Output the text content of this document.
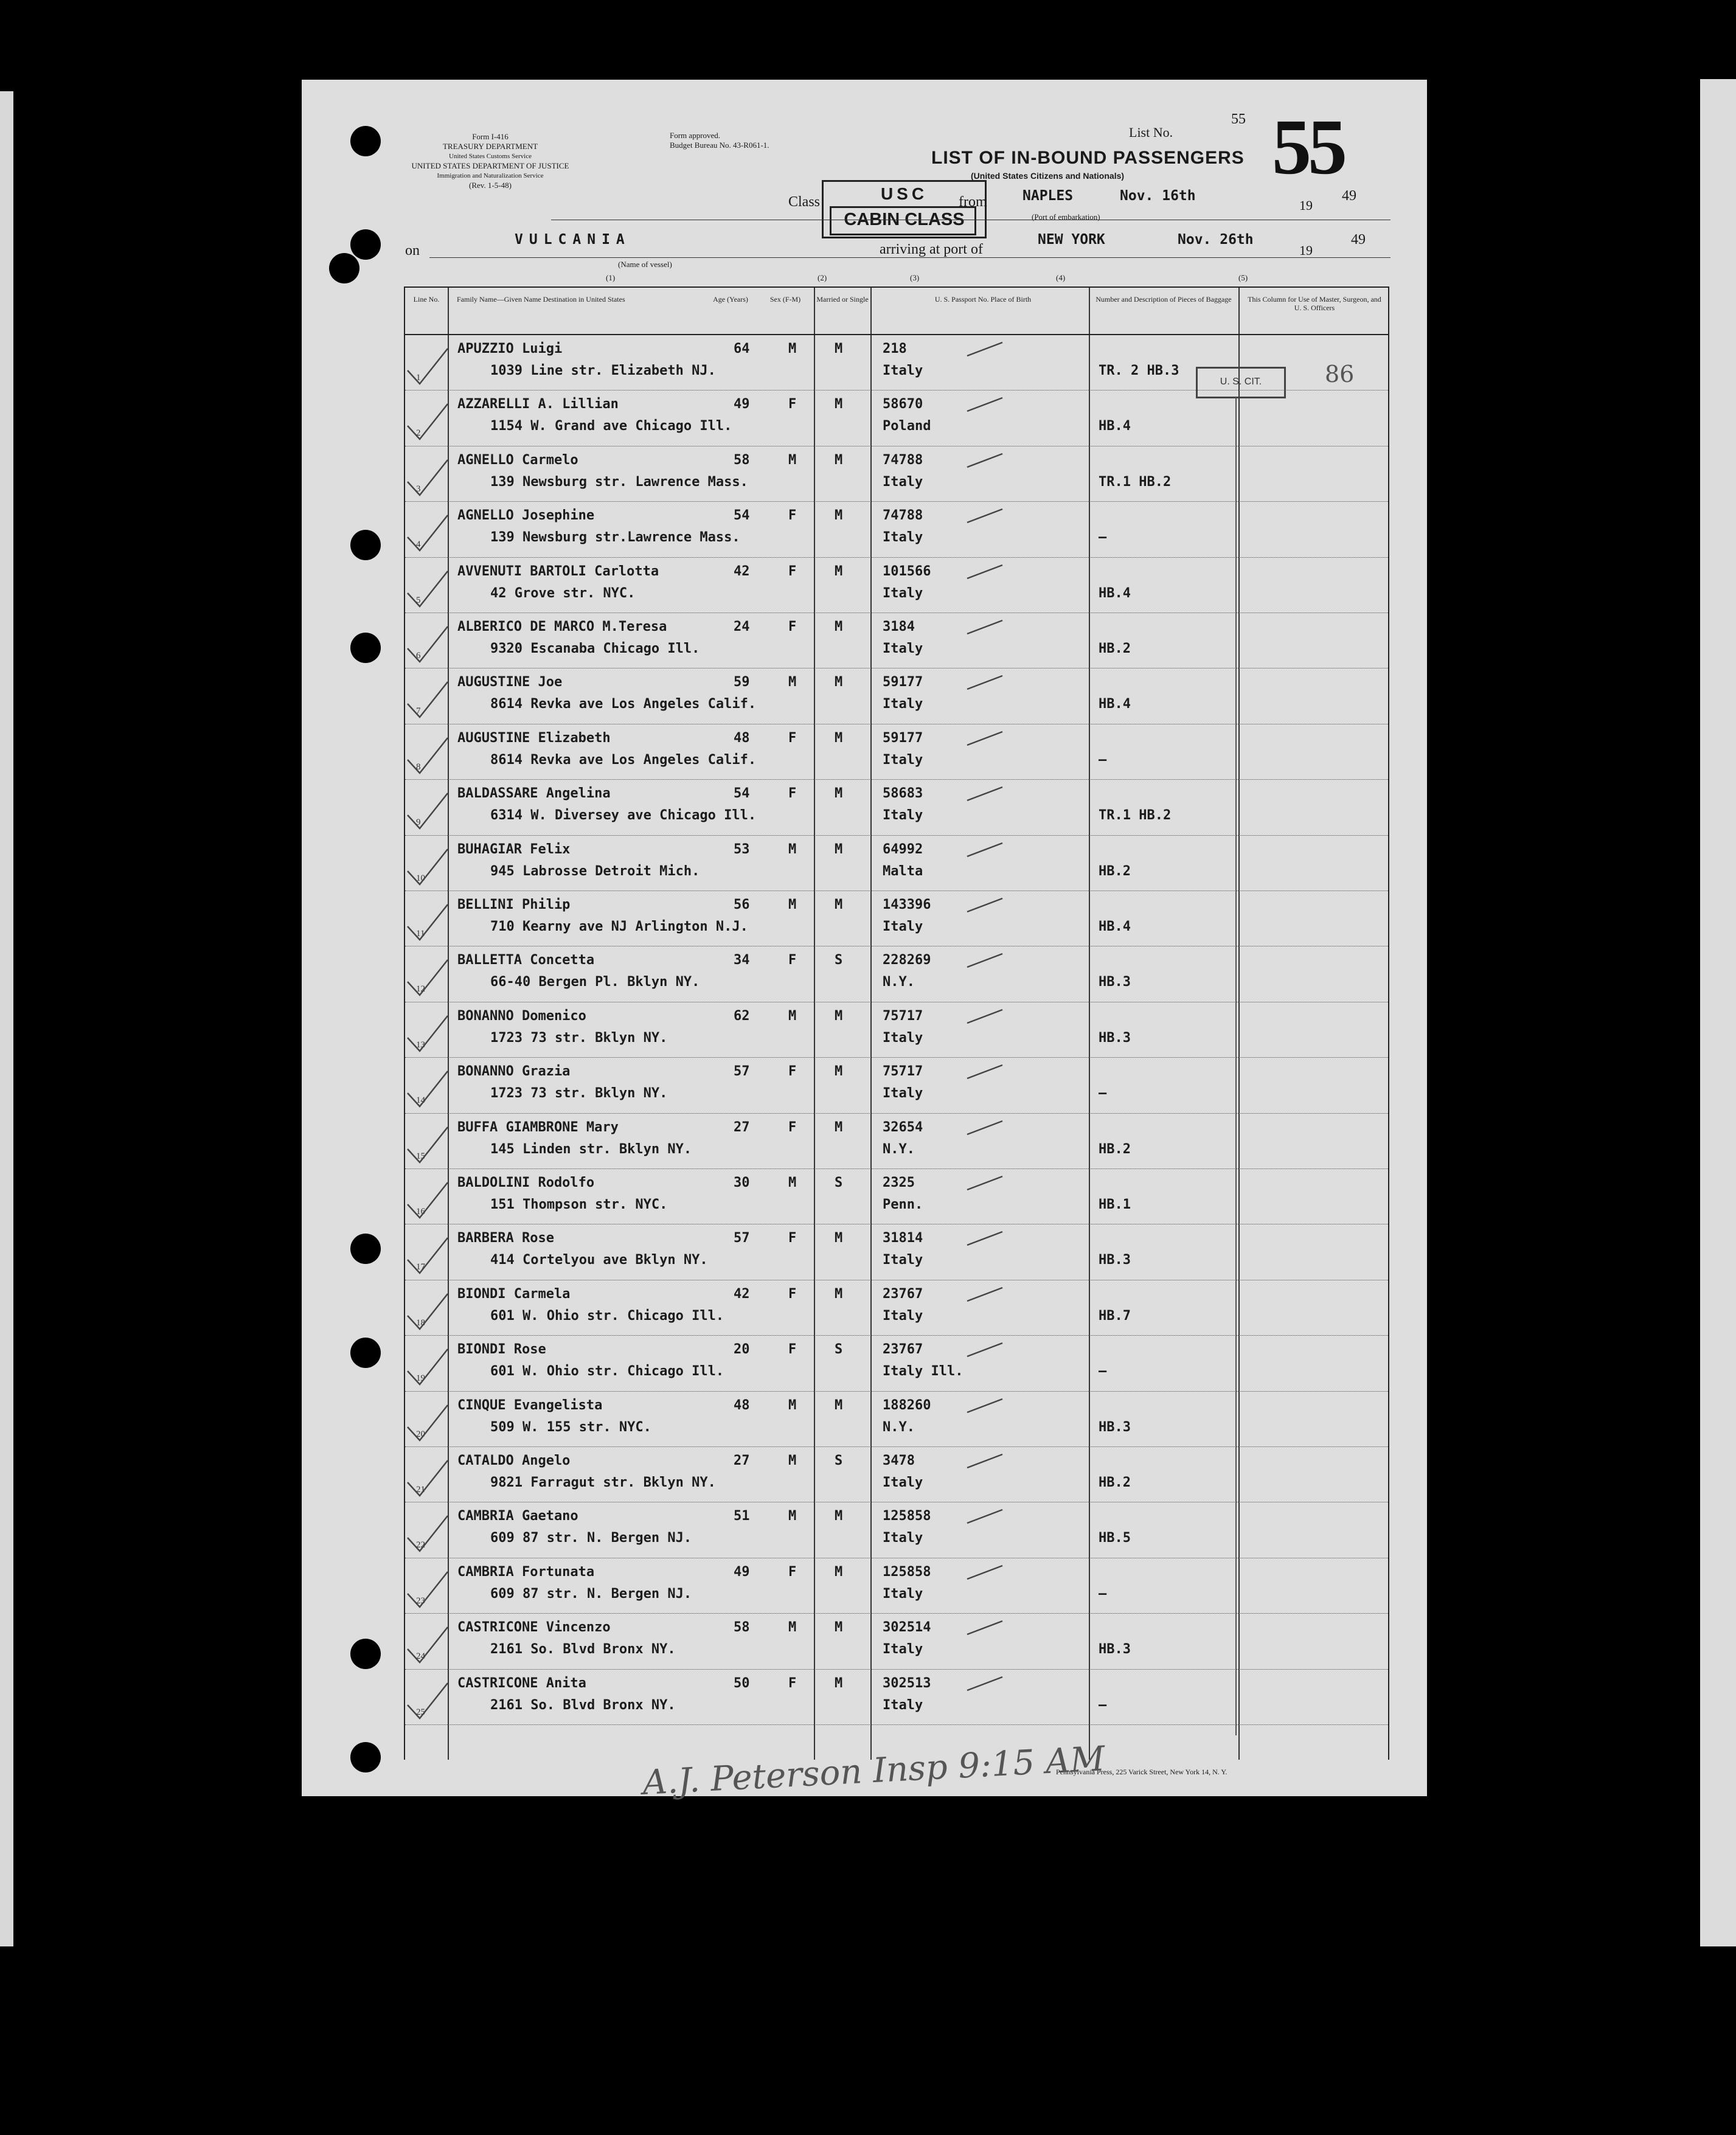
Form I-416
TREASURY DEPARTMENT
United States Customs Service
UNITED STATES DEPARTMENT OF JUSTICE
Immigration and Naturalization Service
(Rev. 1-5-48)
Form approved.
Budget Bureau No. 43-R061-1.
List No.
55 55
LIST OF IN-BOUND PASSENGERS
(United States Citizens and Nationals)
Class	USC
CABIN CLASS
from	NAPLES	Nov. 16th
19
49
(Port of embarkation)
on
VULCANIA
arriving at port of
NEW YORK	Nov. 26th
19
49
(Name of vessel)
(1)	(2)	(3)	(4)	(5)
Line No.	Family Name—Given Name Destination in United States	Age (Years)	Sex (F-M)	Married or Single	U. S. Passport No. Place of Birth	Number and Description of Pieces of Baggage	This Column for Use of Master, Surgeon, and U. S. Officers
1
APUZZIO Luigi
1039 Line str. Elizabeth NJ.
64	M	M	218
Italy	TR. 2 HB.3
2
AZZARELLI A. Lillian
1154 W. Grand ave Chicago Ill.
49	F	M	58670
Poland	HB.4
3
AGNELLO Carmelo
139 Newsburg str. Lawrence Mass.
58	M	M	74788
Italy	TR.1 HB.2
4
AGNELLO Josephine
139 Newsburg str.Lawrence Mass.
54	F	M	74788
Italy	—
5
AVVENUTI BARTOLI Carlotta
42 Grove str. NYC.
42	F	M	101566
Italy	HB.4
6
ALBERICO DE MARCO M.Teresa
9320 Escanaba Chicago Ill.
24	F	M	3184
Italy	HB.2
7
AUGUSTINE Joe
8614 Revka ave Los Angeles Calif.
59	M	M	59177
Italy	HB.4
8
AUGUSTINE Elizabeth
8614 Revka ave Los Angeles Calif.
48	F	M	59177
Italy	—
9
BALDASSARE Angelina
6314 W. Diversey ave Chicago Ill.
54	F	M	58683
Italy	TR.1 HB.2
10
BUHAGIAR Felix
945 Labrosse Detroit Mich.
53	M	M	64992
Malta	HB.2
11
BELLINI Philip
710 Kearny ave NJ Arlington N.J.
56	M	M	143396
Italy	HB.4
12
BALLETTA Concetta
66-40 Bergen Pl. Bklyn NY.
34	F	S	228269
N.Y.	HB.3
13
BONANNO Domenico
1723 73 str. Bklyn NY.
62	M	M	75717
Italy	HB.3
14
BONANNO Grazia
1723 73 str. Bklyn NY.
57	F	M	75717
Italy	—
15
BUFFA GIAMBRONE Mary
145 Linden str. Bklyn NY.
27	F	M	32654
N.Y.	HB.2
16
BALDOLINI Rodolfo
151 Thompson str. NYC.
30	M	S	2325
Penn.	HB.1
17
BARBERA Rose
414 Cortelyou ave Bklyn NY.
57	F	M	31814
Italy	HB.3
18
BIONDI Carmela
601 W. Ohio str. Chicago Ill.
42	F	M	23767
Italy	HB.7
19
BIONDI Rose
601 W. Ohio str. Chicago Ill.
20	F	S	23767
Italy Ill.	—
20
CINQUE Evangelista
509 W. 155 str. NYC.
48	M	M	188260
N.Y.	HB.3
21
CATALDO Angelo
9821 Farragut str. Bklyn NY.
27	M	S	3478
Italy	HB.2
22
CAMBRIA Gaetano
609 87 str. N. Bergen NJ.
51	M	M	125858
Italy	HB.5
23
CAMBRIA Fortunata
609 87 str. N. Bergen NJ.
49	F	M	125858
Italy	—
24
CASTRICONE Vincenzo
2161 So. Blvd Bronx NY.
58	M	M	302514
Italy	HB.3
25
CASTRICONE Anita
2161 So. Blvd Bronx NY.
50	F	M	302513
Italy	—
U. S. CIT.	86
Pennsylvania Press, 225 Varick Street, New York 14, N. Y.
A.J. Peterson Insp 9:15 AM
